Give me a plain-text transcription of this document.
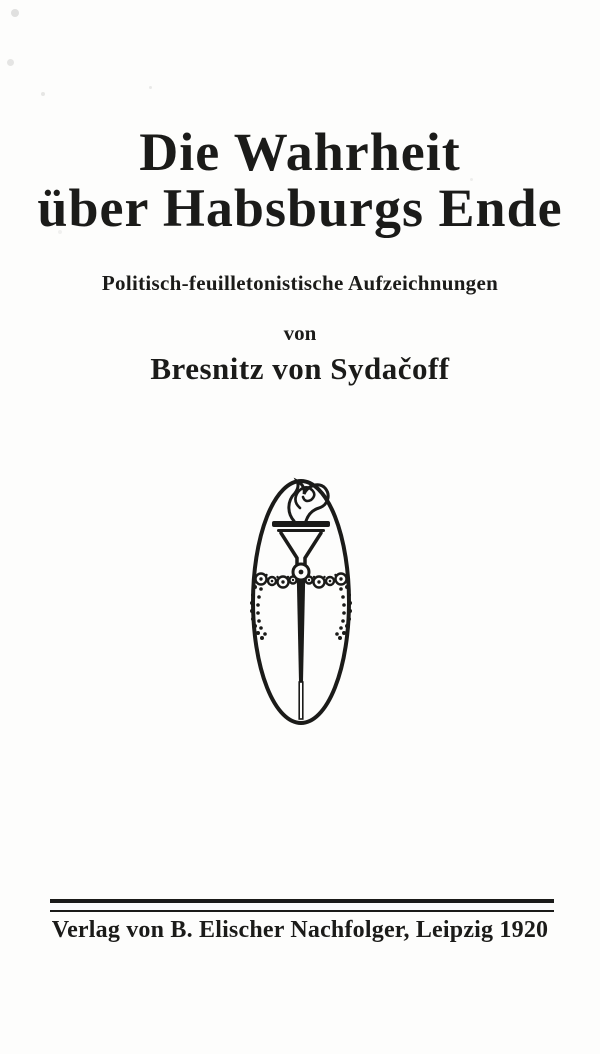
Die Wahrheit
über Habsburgs Ende
Politisch-feuilletonistische Aufzeichnungen
von
Bresnitz von Sydačoff
Verlag von B. Elischer Nachfolger, Leipzig 1920
